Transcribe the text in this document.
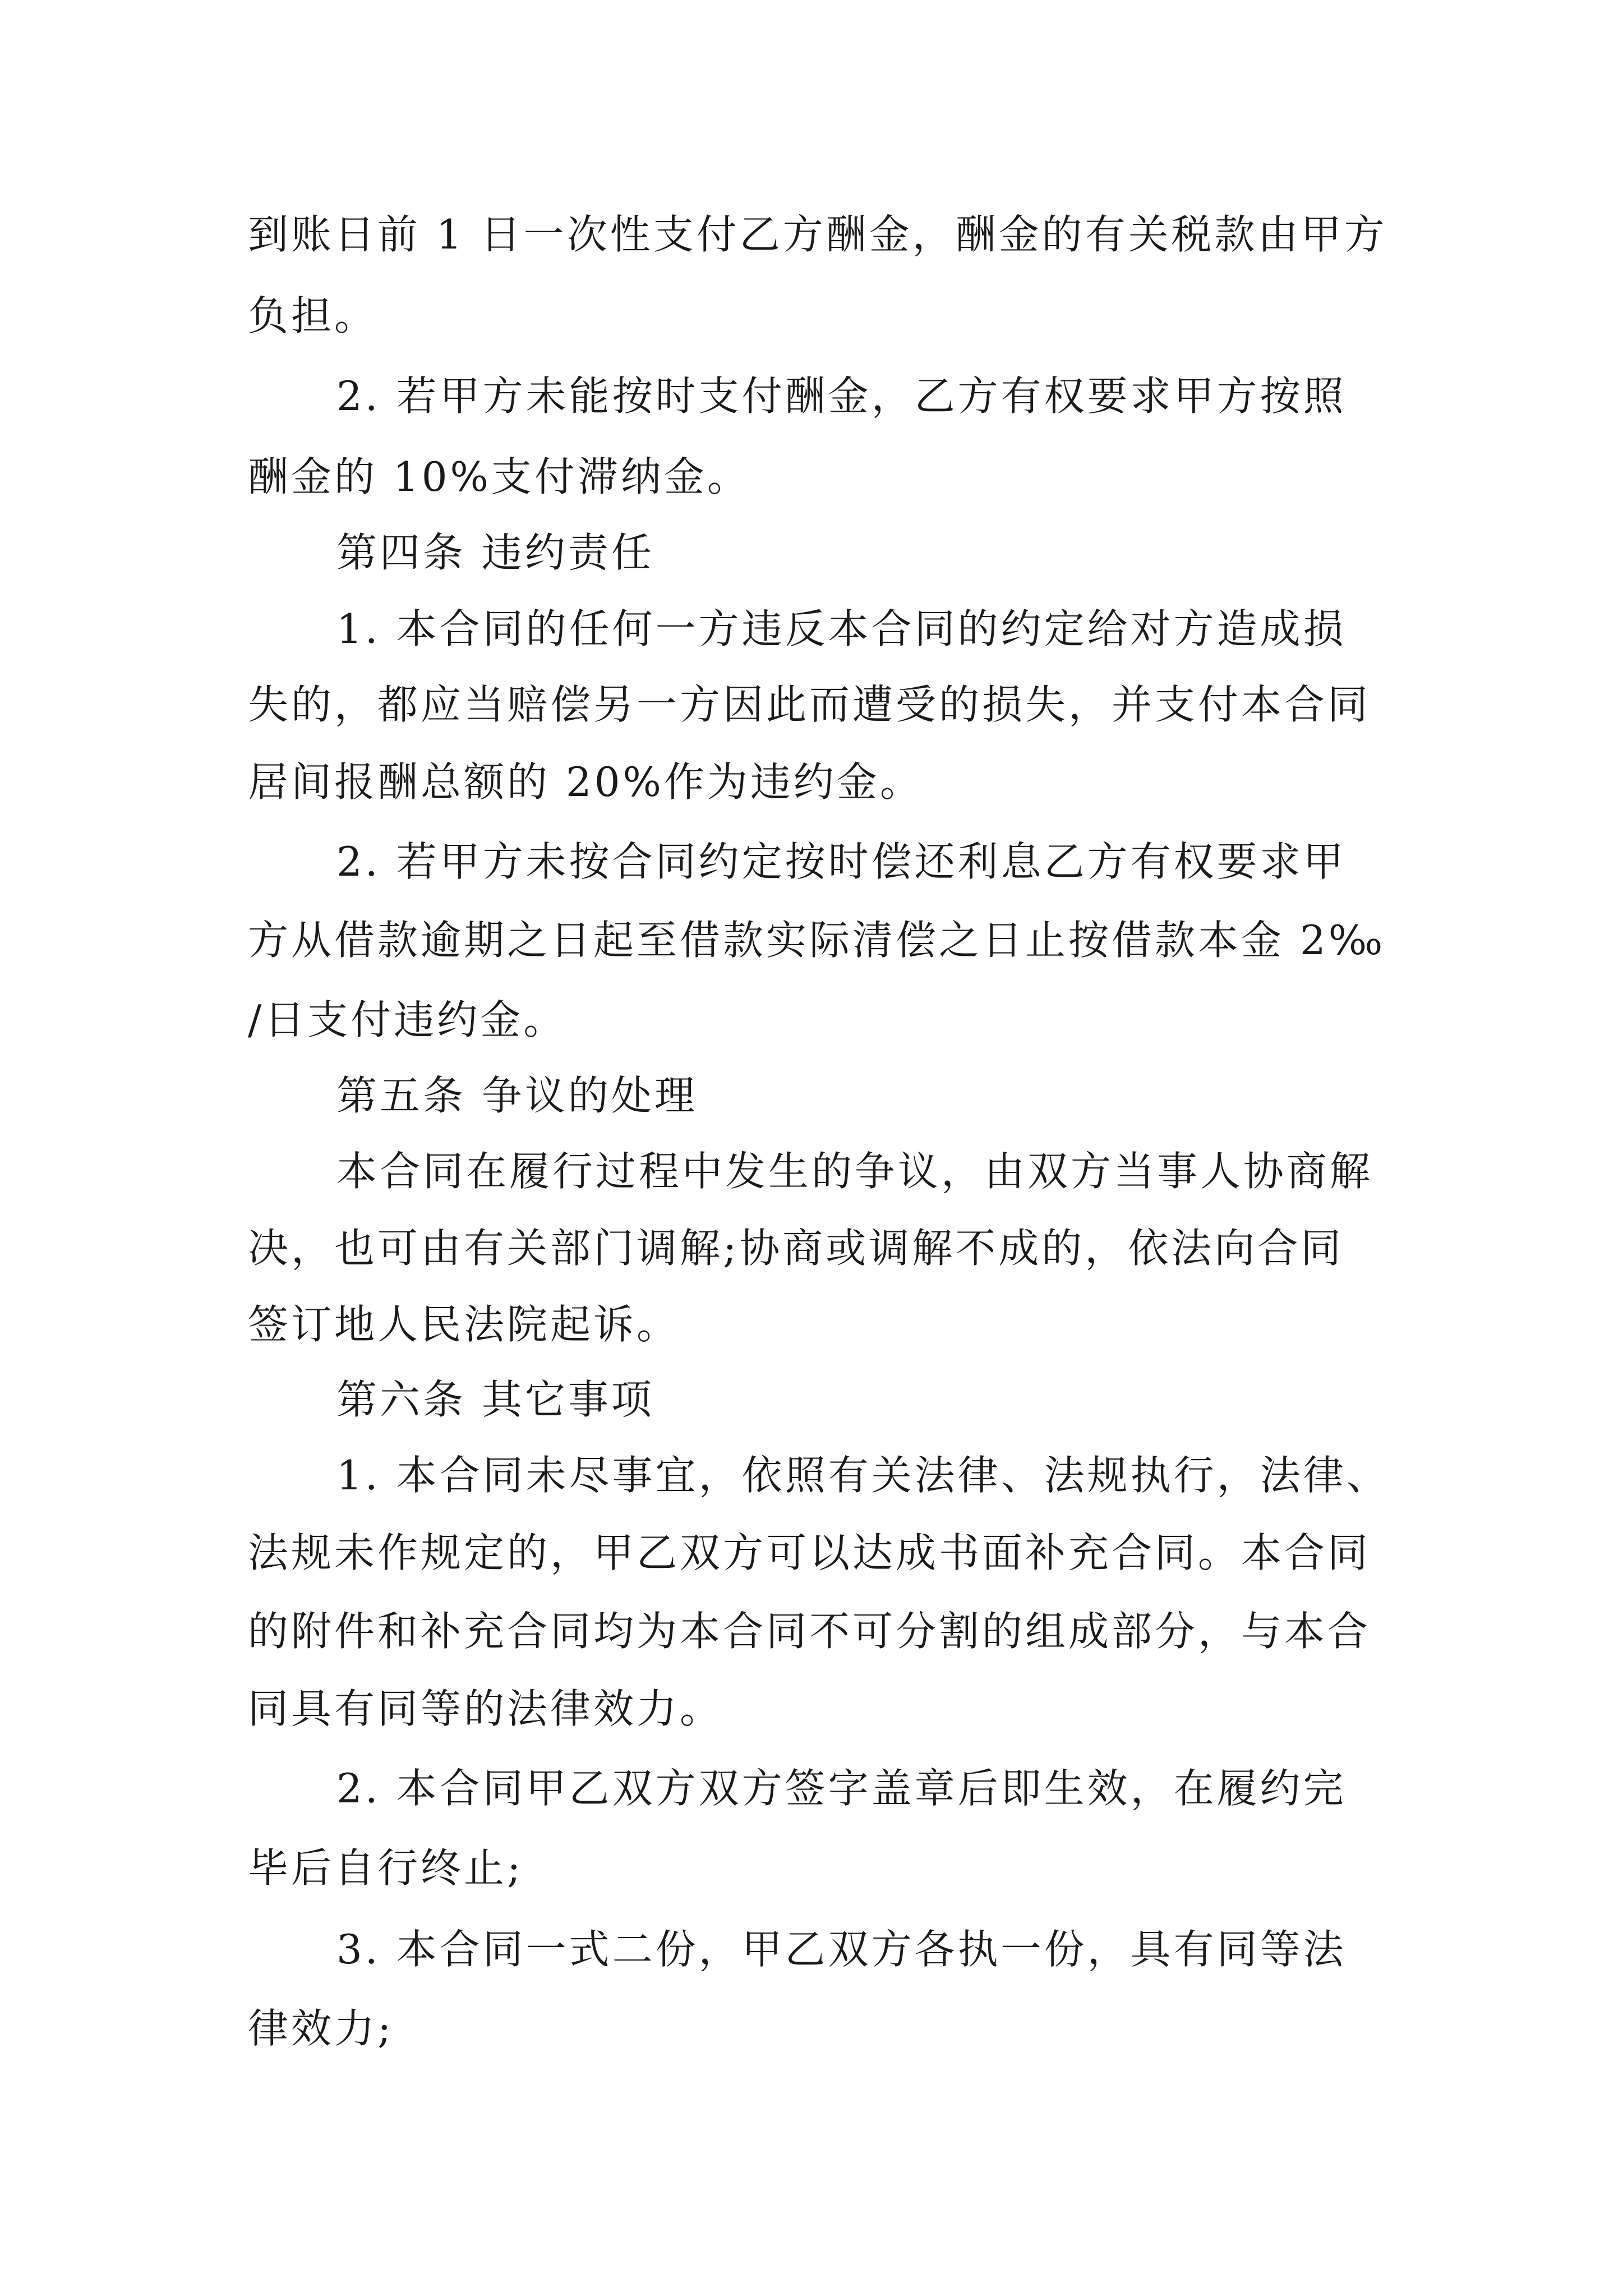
到账日前 1 日一次性支付乙方酬金，酬金的有关税款由甲方

负担。

2. 若甲方未能按时支付酬金，乙方有权要求甲方按照

酬金的 10%支付滞纳金。

第四条 违约责任

1. 本合同的任何一方违反本合同的约定给对方造成损

失的，都应当赔偿另一方因此而遭受的损失，并支付本合同

居间报酬总额的 20%作为违约金。

2. 若甲方未按合同约定按时偿还利息乙方有权要求甲

方从借款逾期之日起至借款实际清偿之日止按借款本金 2‰

/日支付违约金。

第五条 争议的处理

本合同在履行过程中发生的争议，由双方当事人协商解

决，也可由有关部门调解;协商或调解不成的，依法向合同

签订地人民法院起诉。

第六条 其它事项

1. 本合同未尽事宜，依照有关法律、法规执行，法律、

法规未作规定的，甲乙双方可以达成书面补充合同。本合同

的附件和补充合同均为本合同不可分割的组成部分，与本合

同具有同等的法律效力。

2. 本合同甲乙双方双方签字盖章后即生效，在履约完

毕后自行终止;

3. 本合同一式二份，甲乙双方各执一份，具有同等法

律效力;
